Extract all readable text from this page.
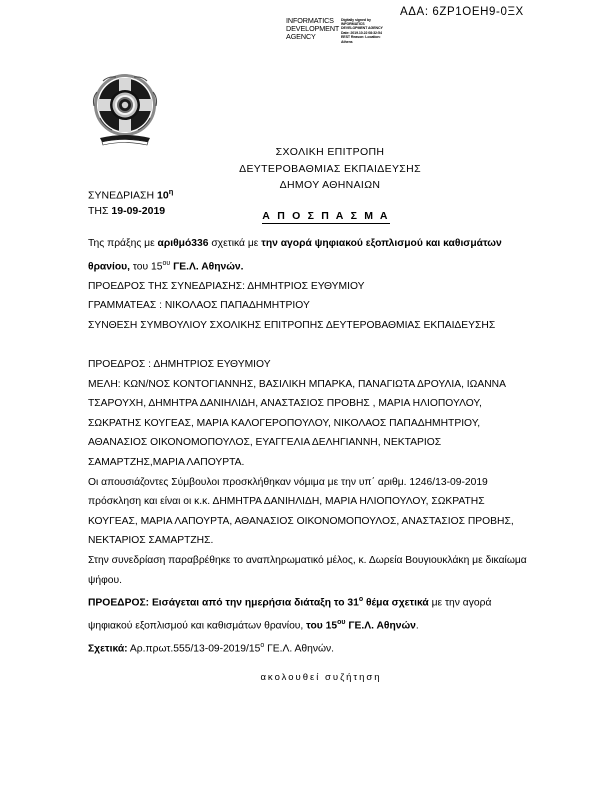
ΑΔΑ: 6ΖΡ1ΟΕΗ9-0ΞΧ
INFORMATICS DEVELOPMENT AGENCY
Digitally signed by INFORMATICS DEVELOPMENT AGENCY Date: 2019.10.22 08:32:54 EEST Reason: Location: Athens
ΣΧΟΛΙΚΗ ΕΠΙΤΡΟΠΗ
ΔΕΥΤΕΡΟΒΑΘΜΙΑΣ ΕΚΠΑΙΔΕΥΣΗΣ
ΔΗΜΟΥ ΑΘΗΝΑΙΩΝ
ΣΥΝΕΔΡΙΑΣΗ $10^\eta$
ΤΗΣ 19-09-2019	Α Π Ο Σ Π Α Σ Μ Α

Της πράξης με αριθμό336 σχετικά με την αγορά ψηφιακού εξοπλισμού και καθισμάτων θρανίου, του $15^{o\upsilon}$ ΓΕ.Λ. Αθηνών.

ΠΡΟΕΔΡΟΣ ΤΗΣ ΣΥΝΕΔΡΙΑΣΗΣ: ΔΗΜΗΤΡΙΟΣ ΕΥΘΥΜΙΟΥ

ΓΡΑΜΜΑΤΕΑΣ : ΝΙΚΟΛΑΟΣ ΠΑΠΑΔΗΜΗΤΡΙΟΥ

ΣΥΝΘΕΣΗ ΣΥΜΒΟΥΛΙΟΥ ΣΧΟΛΙΚΗΣ ΕΠΙΤΡΟΠΗΣ ΔΕΥΤΕΡΟΒΑΘΜΙΑΣ ΕΚΠΑΙΔΕΥΣΗΣ

ΠΡΟΕΔΡΟΣ : ΔΗΜΗΤΡΙΟΣ ΕΥΘΥΜΙΟΥ

ΜΕΛΗ: ΚΩΝ/ΝΟΣ ΚΟΝΤΟΓΙΑΝΝΗΣ, ΒΑΣΙΛΙΚΗ ΜΠΑΡΚΑ, ΠΑΝΑΓΙΩΤΑ ΔΡΟΥΛΙΑ, ΙΩΑΝΝΑ ΤΣΑΡΟΥΧΗ, ΔΗΜΗΤΡΑ ΔΑΝΙΗΛΙΔΗ, ΑΝΑΣΤΑΣΙΟΣ ΠΡΟΒΗΣ , ΜΑΡΙΑ ΗΛΙΟΠΟΥΛΟΥ, ΣΩΚΡΑΤΗΣ ΚΟΥΓΕΑΣ, ΜΑΡΙΑ ΚΑΛΟΓΕΡΟΠΟΥΛΟΥ, ΝΙΚΟΛΑΟΣ ΠΑΠΑΔΗΜΗΤΡΙΟΥ, ΑΘΑΝΑΣΙΟΣ ΟΙΚΟΝΟΜΟΠΟΥΛΟΣ, ΕΥΑΓΓΕΛΙΑ ΔΕΛΗΓΙΑΝΝΗ, ΝΕΚΤΑΡΙΟΣ ΣΑΜΑΡΤΖΗΣ,ΜΑΡΙΑ ΛΑΠΟΥΡΤΑ.

Οι απουσιάζοντες Σύμβουλοι προσκλήθηκαν νόμιμα με την υπ΄ αριθμ. 1246/13-09-2019 πρόσκληση και είναι οι κ.κ. ΔΗΜΗΤΡΑ ΔΑΝΙΗΛΙΔΗ, ΜΑΡΙΑ ΗΛΙΟΠΟΥΛΟΥ, ΣΩΚΡΑΤΗΣ ΚΟΥΓΕΑΣ, ΜΑΡΙΑ ΛΑΠΟΥΡΤΑ, ΑΘΑΝΑΣΙΟΣ ΟΙΚΟΝΟΜΟΠΟΥΛΟΣ, ΑΝΑΣΤΑΣΙΟΣ ΠΡΟΒΗΣ, ΝΕΚΤΑΡΙΟΣ ΣΑΜΑΡΤΖΗΣ.

Στην συνεδρίαση παραβρέθηκε το αναπληρωματικό μέλος, κ. Δωρεία Βουγιουκλάκη με δικαίωμα ψήφου.

ΠΡΟΕΔΡΟΣ: Εισάγεται από την ημερήσια διάταξη το $31^o$ θέμα σχετικά με την αγορά ψηφιακού εξοπλισμού και καθισμάτων θρανίου, του $15^{o\upsilon}$ ΓΕ.Λ. Αθηνών.

Σχετικά: $A\rho.\pi\rho\omega\tau.555/13-09-2019/15^o$ ΓΕ.Λ. Αθηνών.

ακολουθεί συζήτηση
